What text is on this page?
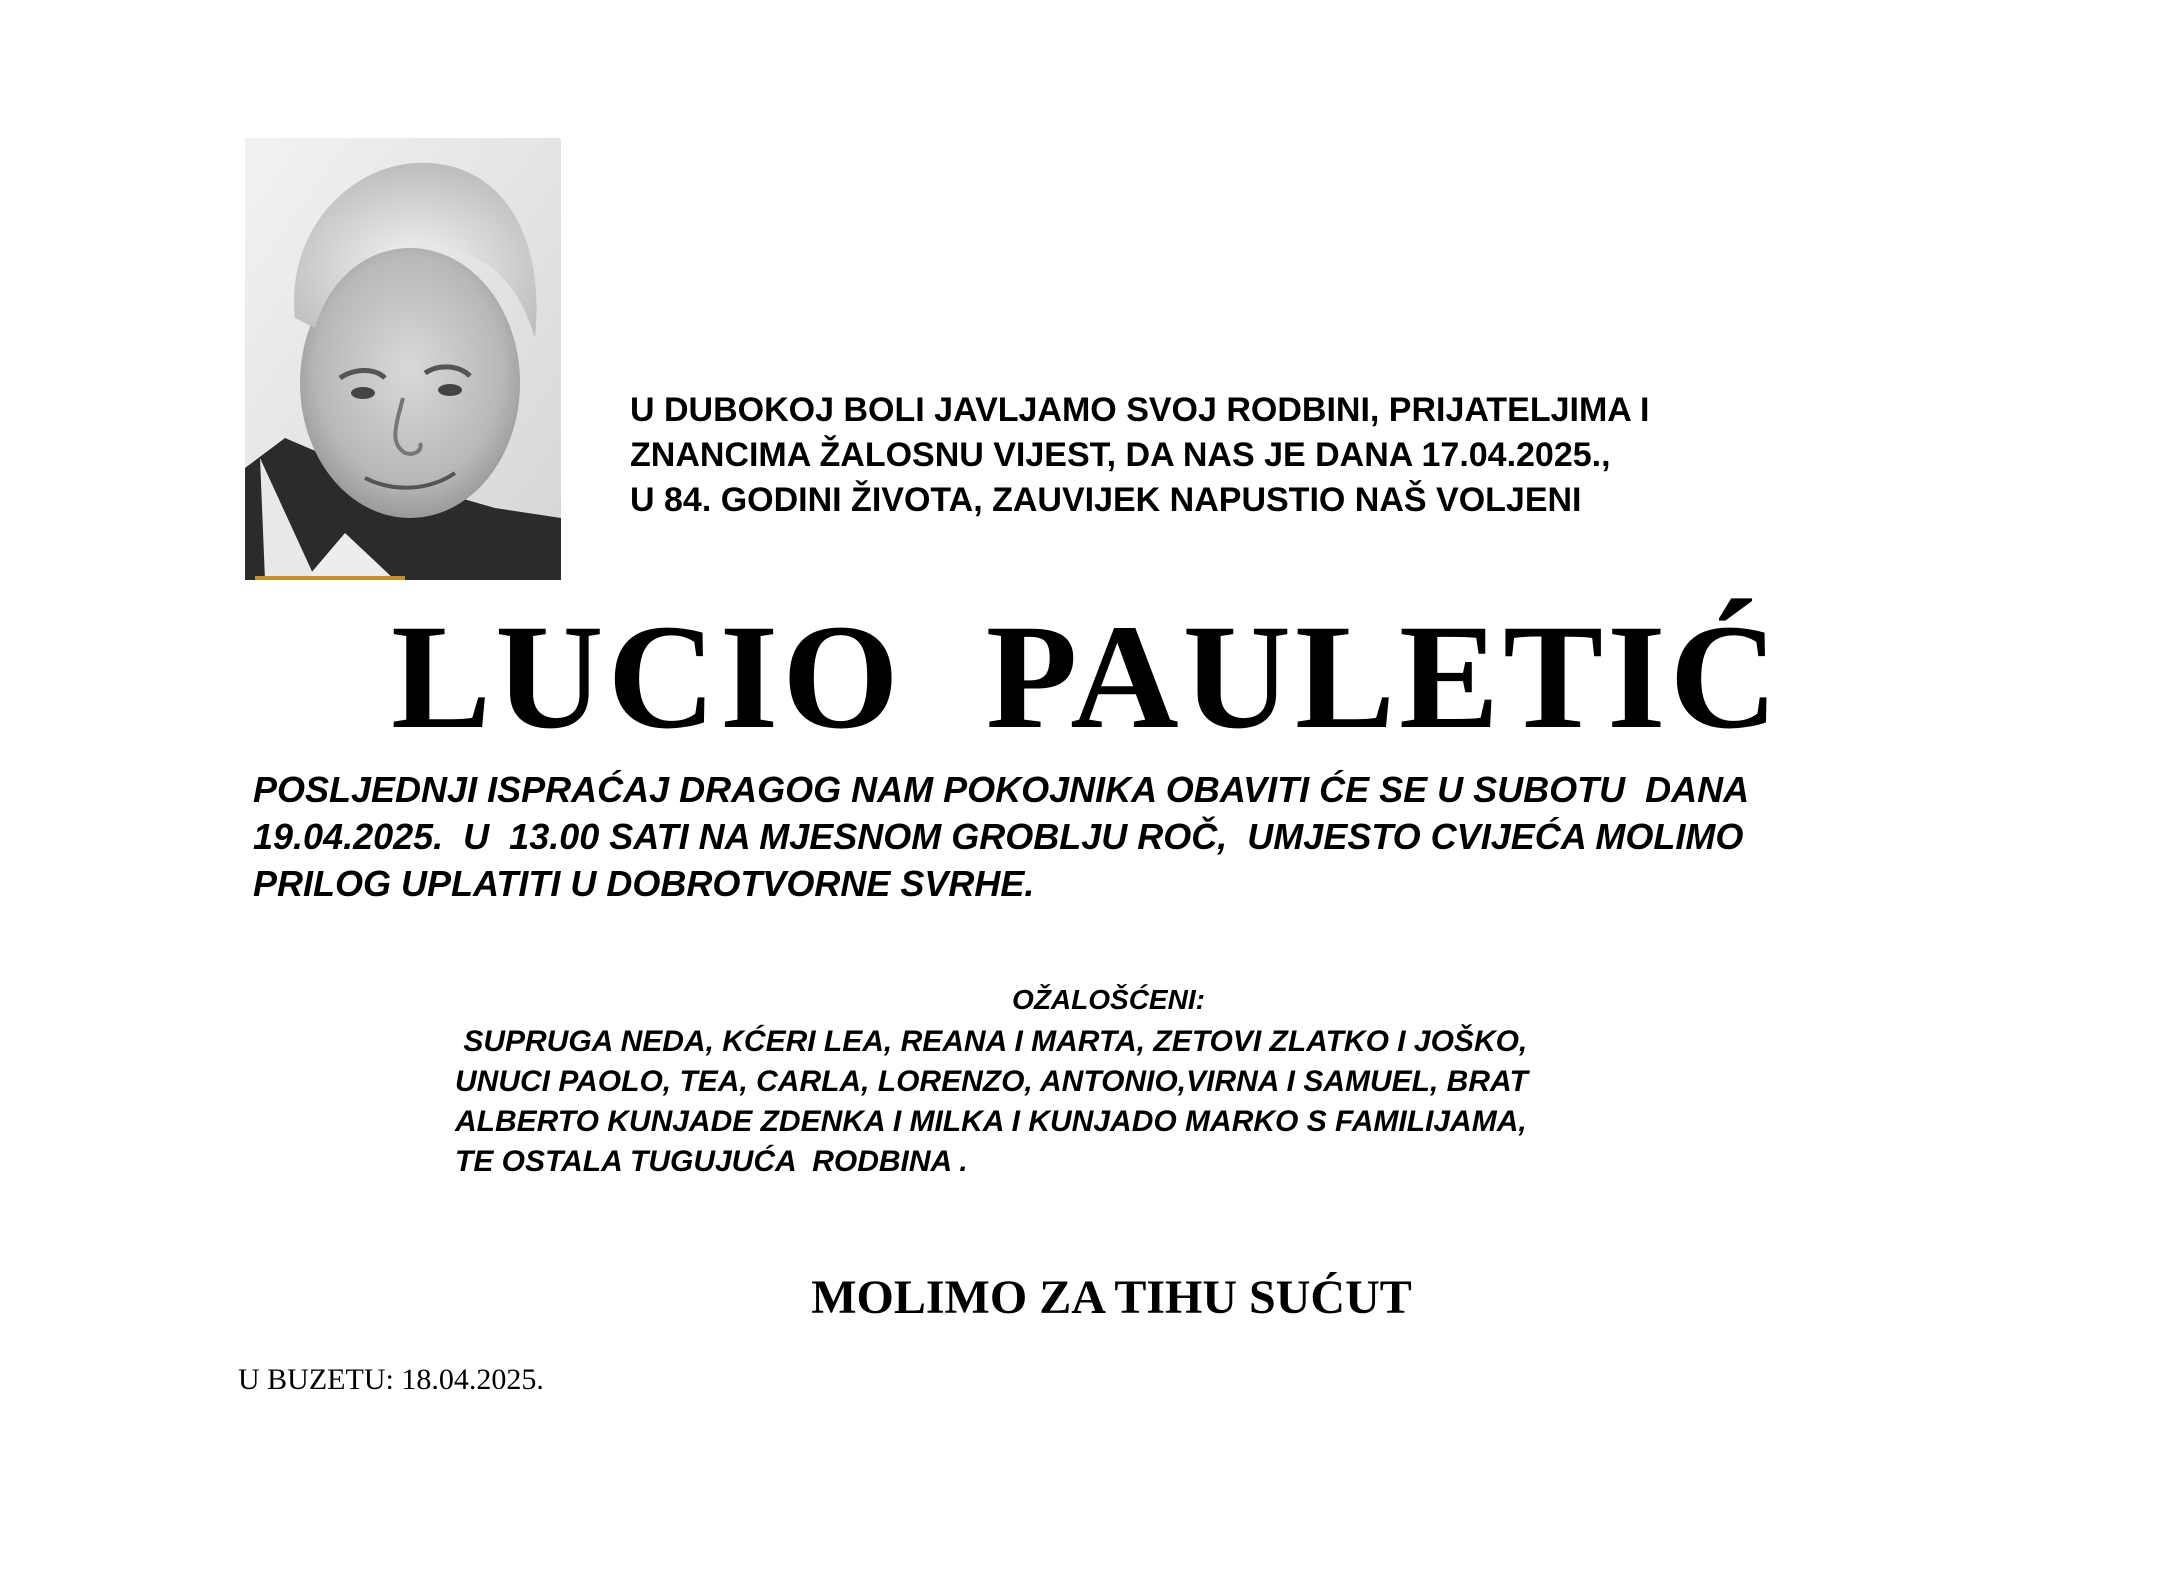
U DUBOKOJ BOLI JAVLJAMO SVOJ RODBINI, PRIJATELJIMA I
ZNANCIMA ŽALOSNU VIJEST, DA NAS JE DANA 17.04.2025.,
U 84. GODINI ŽIVOTA, ZAUVIJEK NAPUSTIO NAŠ VOLJENI
LUCIO  PAULETIĆ
POSLJEDNJI ISPRAĆAJ DRAGOG NAM POKOJNIKA OBAVITI ĆE SE U SUBOTU  DANA
19.04.2025.  U  13.00 SATI NA MJESNOM GROBLJU ROČ,  UMJESTO CVIJEĆA MOLIMO
PRILOG UPLATITI U DOBROTVORNE SVRHE.
OŽALOŠĆENI:
SUPRUGA NEDA, KĆERI LEA, REANA I MARTA, ZETOVI ZLATKO I JOŠKO,
UNUCI PAOLO, TEA, CARLA, LORENZO, ANTONIO,VIRNA I SAMUEL, BRAT
ALBERTO KUNJADE ZDENKA I MILKA I KUNJADO MARKO S FAMILIJAMA,
TE OSTALA TUGUJUĆA  RODBINA .
MOLIMO ZA TIHU SUĆUT
U BUZETU: 18.04.2025.
